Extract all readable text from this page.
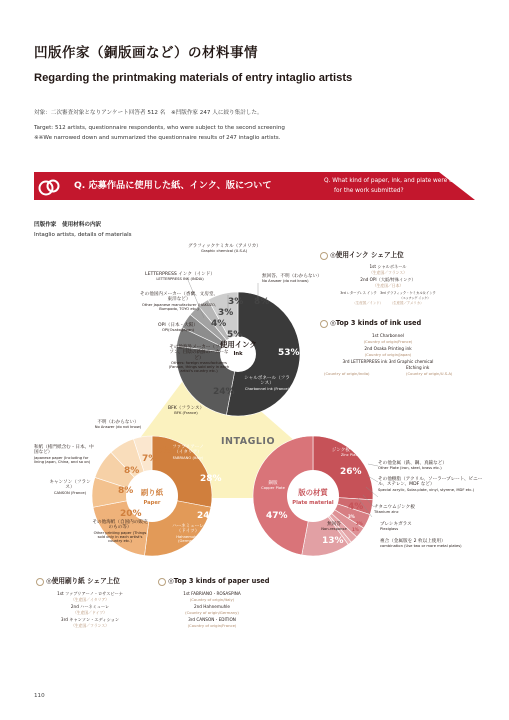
凹版作家（銅版画など）の材料事情
Regarding the printmaking materials of entry intaglio artists
対象：二次審査対象となりアンケート回答者 512 名　※凹版作家 247 人に絞り集計した。
Target: 512 artists, questionnaire respondents, who were subject to the second screening
※※We narrowed down and summarized the questionnaire results of 247 intaglio artists.
Q. 応募作品に使用した紙、インク、版について	Q. What kind of paper, ink, and plate were used
for the work submitted?
凹版作家　使用材料の内訳
Intaglio artists, details of materials
INTAGLIO
グラフィックケミカル（アメリカ）
Graphic chemical (U.S.A)
無回答、不明（わからない）
No Answer (do not know)
LETTERPRESS インク（インド）
LETTERPRESS INK (INDIA)
その他国内メーカー（香蘭、文房堂、東洋など）
Other Japanese manufacturer (HAKUZO, Bumpodo, TOYO etc.)
OPI（日本・大阪）
OPI(Osaka/Japan)
その他海外メーカー（ファンソン、目陰の新鮮のーカーなど）
Others: foreign manufacturers (Fanson, things sold only in each artist's country etc.)
シャルボネール（フランス）
Charbonnel ink (France)
3% 8%
3%
4%
5%
53%
24%
使用インク
Ink
◎使用インク シェア上位
1st シャルボネール
（生産国／フランス）
2nd OPI（大阪/特殊インク）
（生産国／日本）
3rd レターブレス インク　3rd グラフィック・ケミカル＆インク
（エッチング インク）
（生産国／インド）　　　（生産国／アメリカ）
◎Top 3 kinds of ink used
1st Charbonnel
(Country of origin/France)
2nd Osaka Printing ink
(Country of origin/Japan)
3rd LETTERPRESS ink 3rd Graphic chemical
Etching ink
(Country of origin/India)	(Country of origin/U.S.A)
BFK（フランス）
BFK (France)
不明（わからない）
No Answer (do not know)
和紙（楮門紙含む・日本、中国など）
Japanese paper (Including for lining Japan, China, and so on)
キャンソン（フランス）
CANSON (France)
その他海紙（自国内の販売のもの等）
Other printing paper (Things sold only in each artist's country etc.)
ファブリアーノ（イタリア）
FABRIANO (Italy)
ハーネミューレ（ドイツ）
Hahnemuhle (Germany)
5%
7%
8%
8%
20%
28%
24%
刷り紙
Paper
ジンク板（亜鉛）
Zinc Plate
銅版
Copper Plate
無回答
Non-response
その他金属（鉄、鋼、真鍮など）
Other Plate (iron, steel, brass etc.)
その他樹脂（アクリル、ソーラープレート、ビニール、ステレン、MDF など）
Special acrylic, Solar-plate, vinyl, styrene, MDF etc.)
チタニウムジンク板
Titanium zinc
プレシキガラス
Plexiglass
複合（金属版を 2 枚以上使用）
combination (Use two or more metal plates)
26%
4%
4%
3%
2%
1%
13%
47%
版の材質
Plate material
◎使用刷り紙 シェア上位
1st ファブリアーノ・ロサスピーナ
（生産国／イタリア）
2nd ハーネミューレ
（生産国／ドイツ）
3rd キャンソン・エディション
（生産国／フランス）
◎Top 3 kinds of paper used
1st FABRIANO・ROSASPINA
(Country of origin/Italy)
2nd Hahnemuhle
(Country of origin/Germany)
3rd CANSON・EDITION
(Country of origin/France)
110
